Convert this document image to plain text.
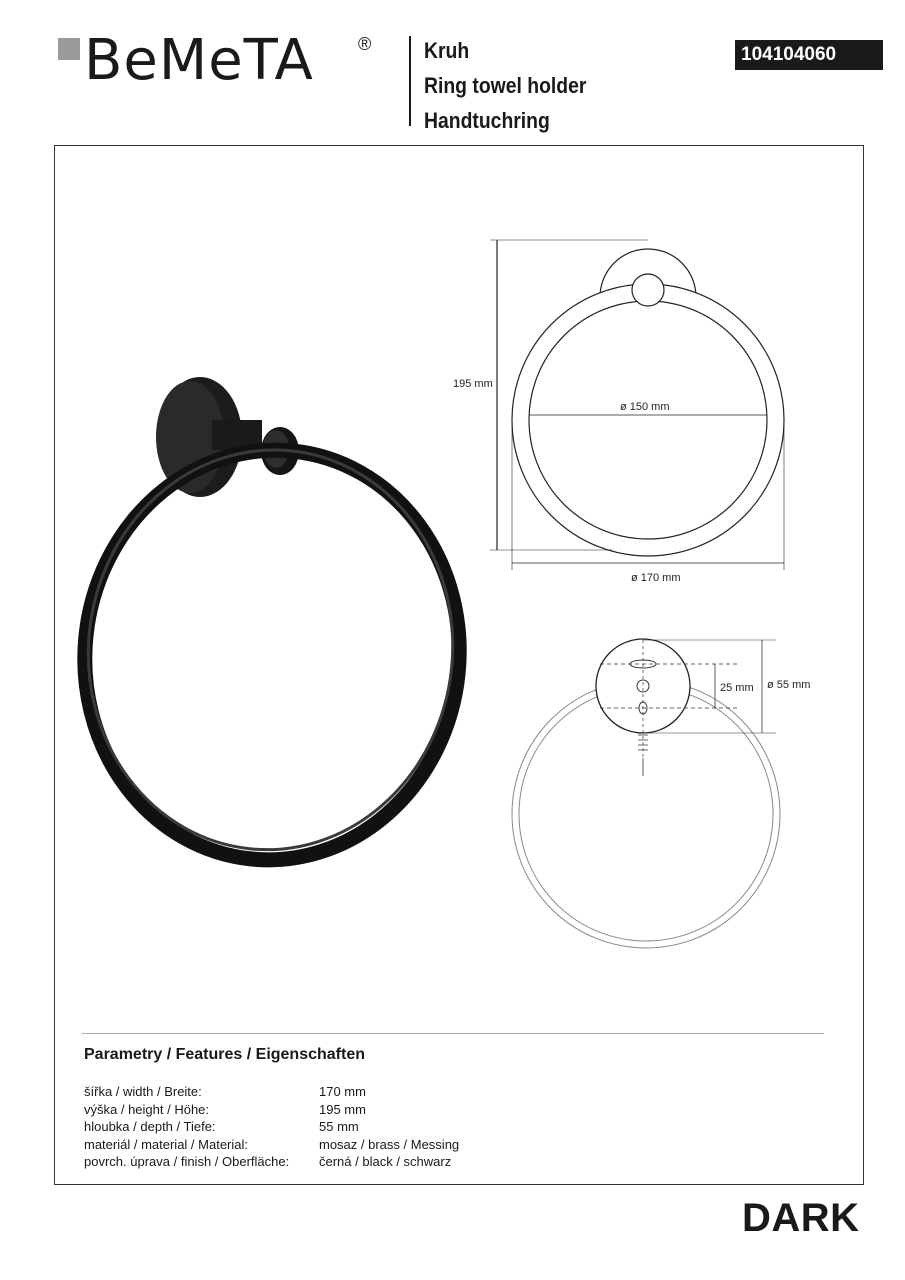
BeMeTA ® Kruh
Ring towel holder
Handtuchring
104104060
195 mm
ø 150 mm
ø 170 mm
25 mm ø 55 mm
Parametry / Features / Eigenschaften
šířka / width / Breite:	170 mm
výška / height / Höhe:	195 mm
hloubka / depth / Tiefe:	55 mm
materiál / material / Material:	mosaz / brass / Messing
povrch. úprava / finish / Oberfläche: černá / black / schwarz
DARK
